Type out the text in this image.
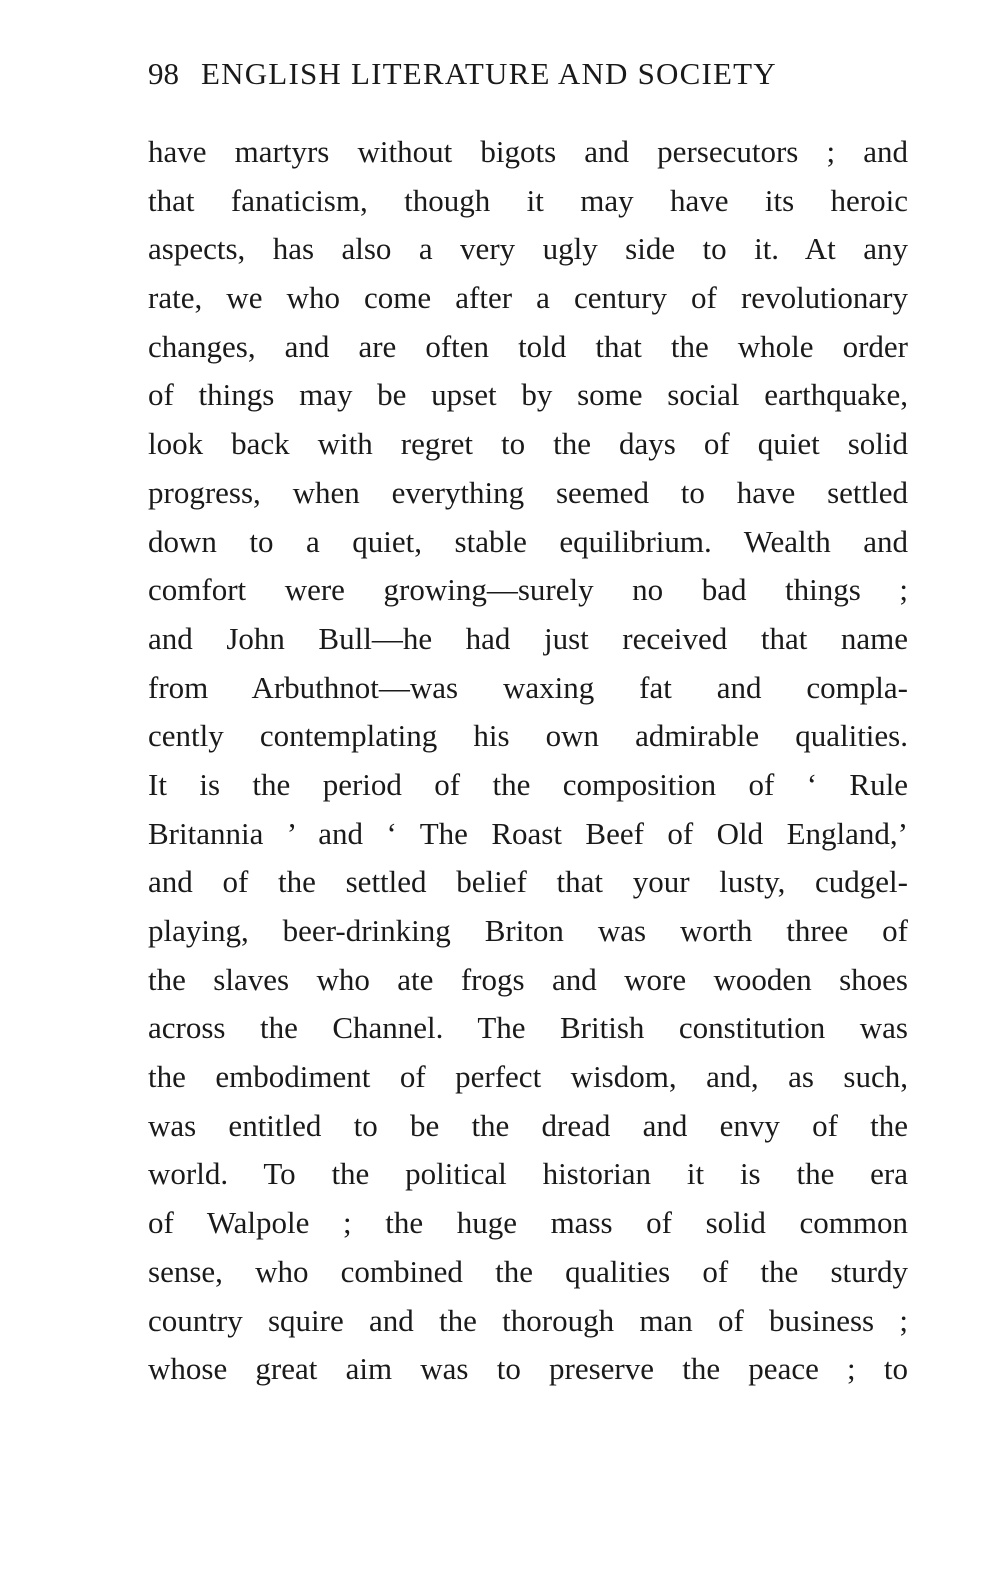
98 ENGLISH LITERATURE AND SOCIETY
have martyrs without bigots and persecutors ; and
that fanaticism, though it may have its heroic
aspects, has also a very ugly side to it. At any
rate, we who come after a century of revolutionary
changes, and are often told that the whole order
of things may be upset by some social earthquake,
look back with regret to the days of quiet solid
progress, when everything seemed to have settled
down to a quiet, stable equilibrium. Wealth and
comfort were growing—surely no bad things ;
and John Bull—he had just received that name
from Arbuthnot—was waxing fat and compla-
cently contemplating his own admirable qualities.
It is the period of the composition of ‘ Rule
Britannia ’ and ‘ The Roast Beef of Old England,’
and of the settled belief that your lusty, cudgel-
playing, beer-drinking Briton was worth three of
the slaves who ate frogs and wore wooden shoes
across the Channel. The British constitution was
the embodiment of perfect wisdom, and, as such,
was entitled to be the dread and envy of the
world. To the political historian it is the era
of Walpole ; the huge mass of solid common
sense, who combined the qualities of the sturdy
country squire and the thorough man of business ;
whose great aim was to preserve the peace ; to
